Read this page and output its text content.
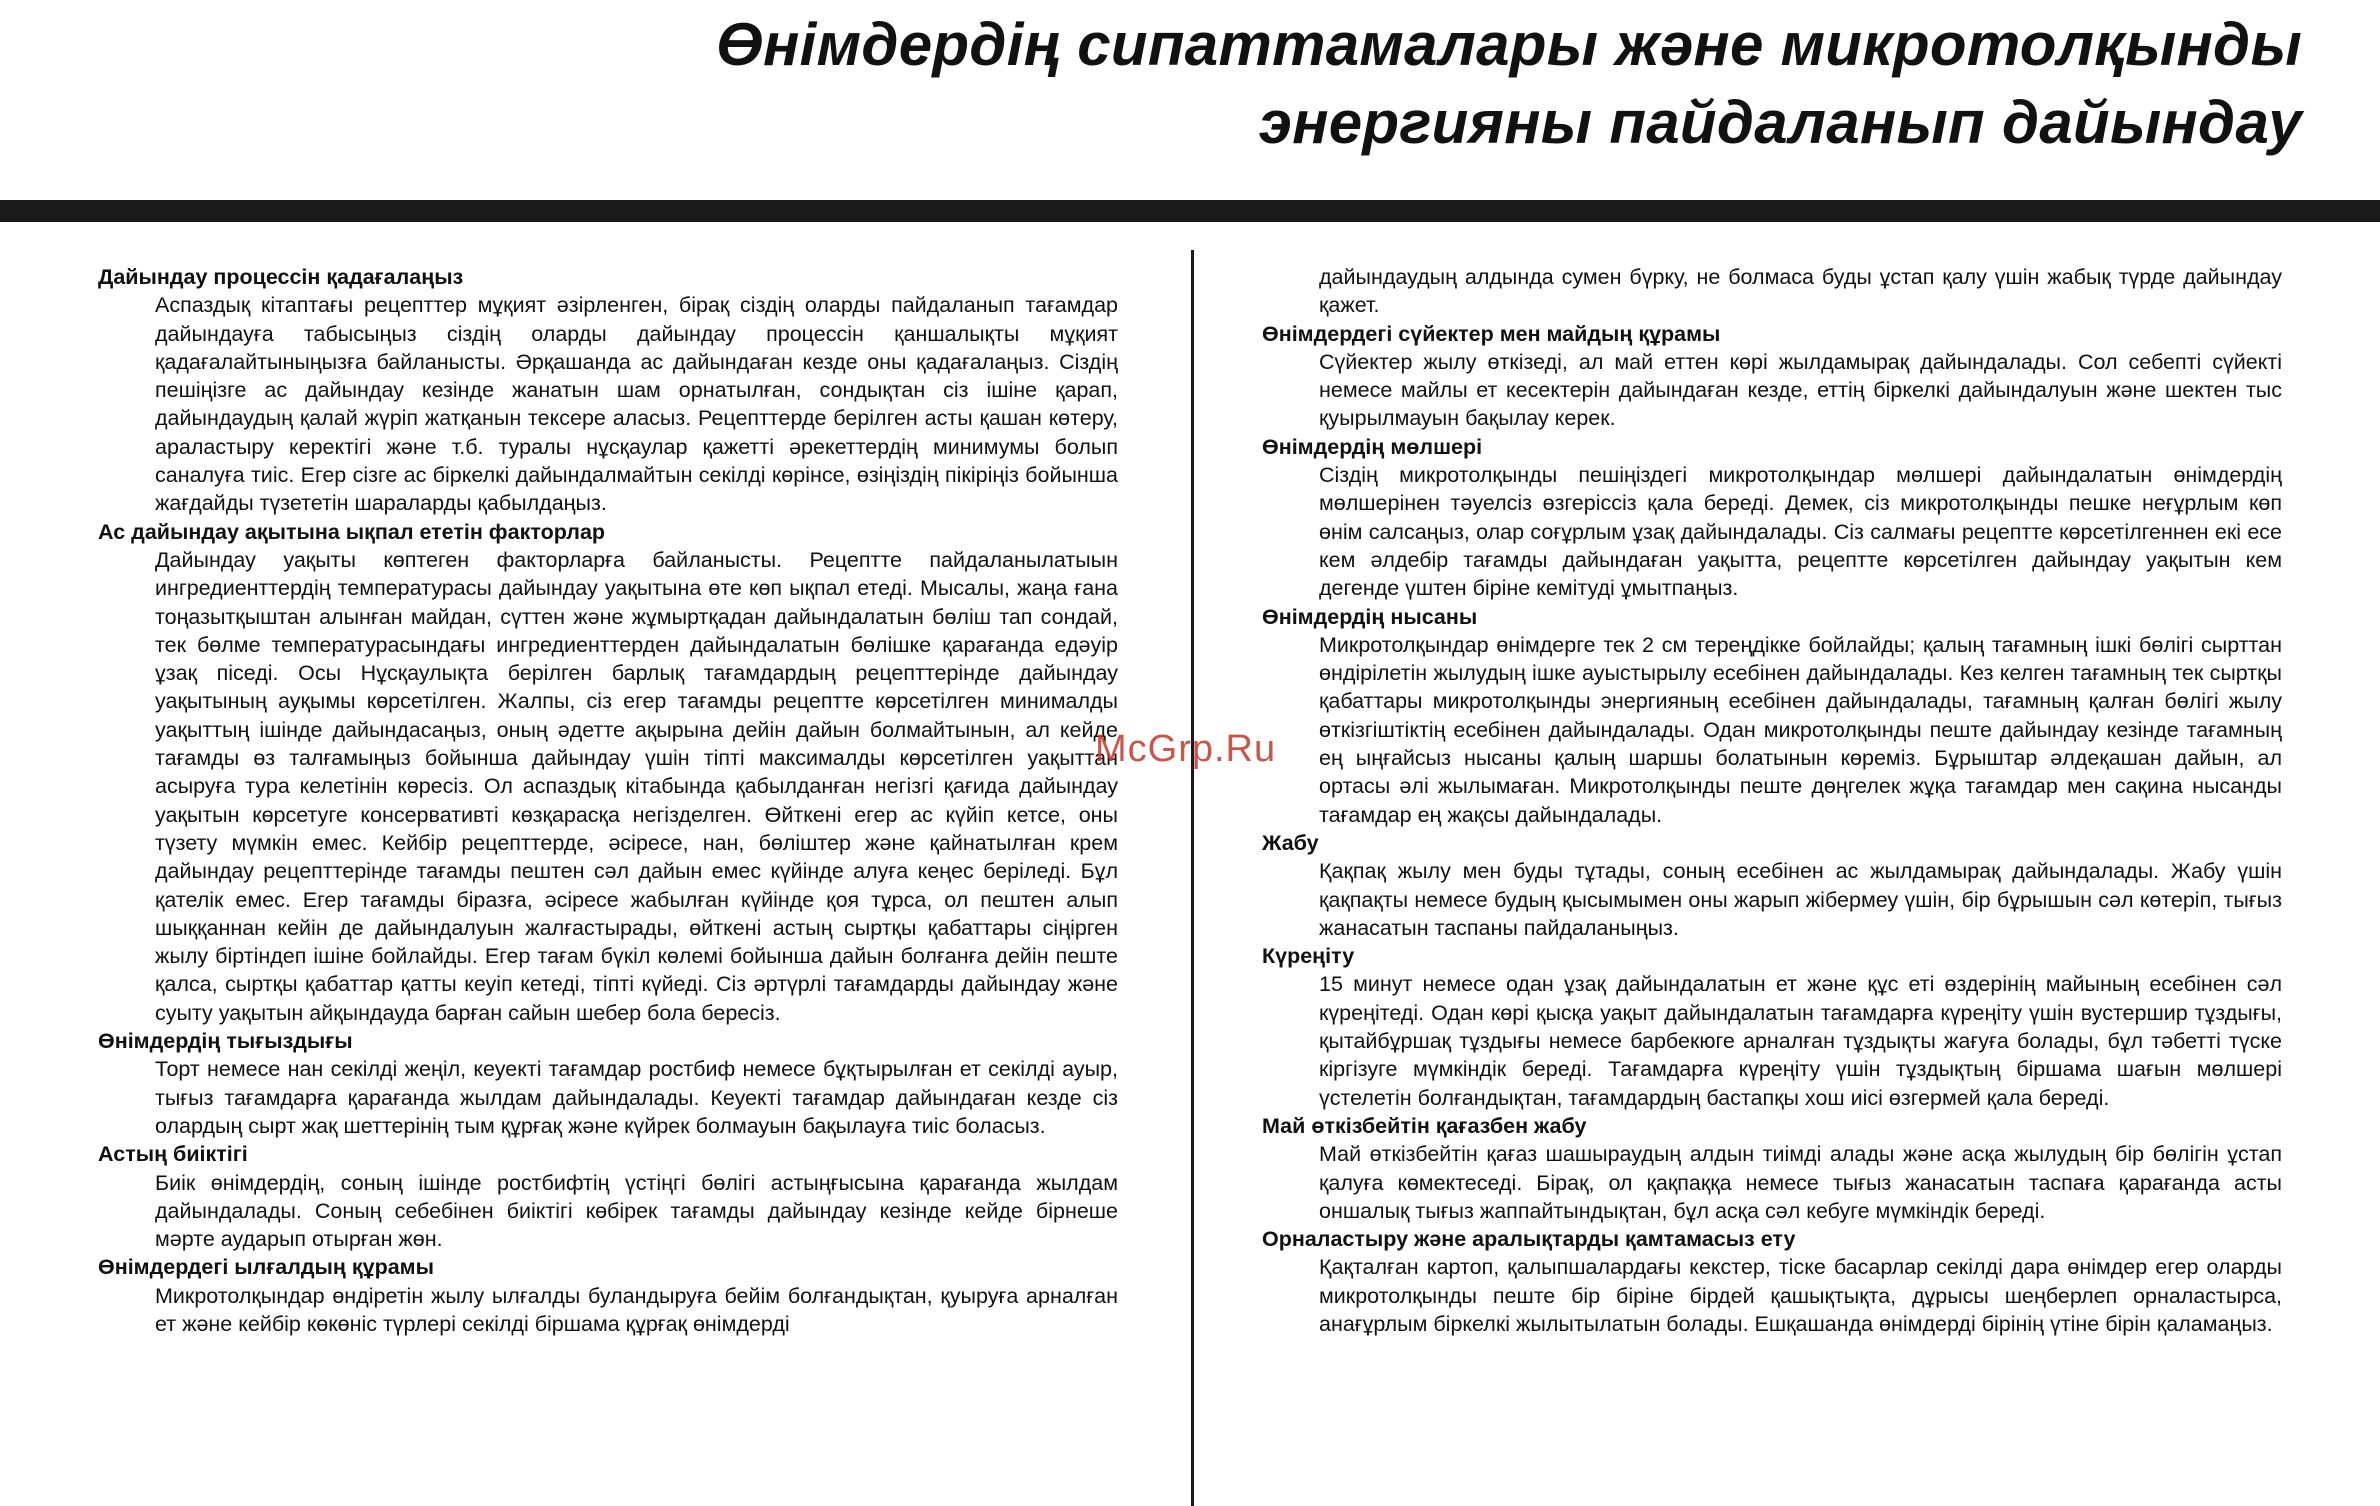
Өнімдердің сипаттамалары және микротолқынды
энергияны пайдаланып дайындау
Дайындау процессін қадағалаңыз
Аспаздық кітаптағы рецепттер мұқият әзірленген, бірақ сіздің оларды пайдаланып тағамдар дайындауға табысыңыз сіздің оларды дайындау процессін қаншалықты мұқият қадағалайтыныңызға байланысты. Әрқашанда ас дайындаған кезде оны қадағалаңыз. Сіздің пешіңізге ас дайындау кезінде жанатын шам орнатылған, сондықтан сіз ішіне қарап, дайындаудың қалай жүріп жатқанын тексере алаcыз. Рецепттерде берілген асты қашан көтеру, араластыру керектігі және т.б. туралы нұсқаулар қажетті әрекеттердің минимумы болып саналуға тиіс. Егер сізге ас біркелкі дайындалмайтын секілді көрінсе, өзіңіздің пікіріңіз бойынша жағдайды түзететін шараларды қабылдаңыз.
Ас дайындау ақытына ықпал ететін факторлар
Дайындау уақыты көптеген факторларға байланысты. Рецептте пайдаланылатыын ингредиенттердің температурасы дайындау уақытына өте көп ықпал етеді. Мысалы, жаңа ғана тоңазытқыштан алынған майдан, сүттен және жұмыртқадан дайындалатын бөліш тап сондай, тек бөлме температурасындағы ингредиенттерден дайындалатын бөлішке қарағанда едәуір ұзақ піседі. Осы Нұсқаулықта берілген барлық тағамдардың рецепттерінде дайындау уақытының ауқымы көрсетілген. Жалпы, сіз егер тағамды рецептте көрсетілген минималды уақыттың ішінде дайындасаңыз, оның әдетте ақырына дейін дайын болмайтынын, ал кейде тағамды өз талғамыңыз бойынша дайындау үшін тіпті максималды көрсетілген уақыттан асыруға тура келетінін көресіз. Ол аспаздық кітабында қабылданған негізгі қағида дайындау уақытын көрсетуге консервативті көзқарасқа негізделген. Өйткені егер ас күйіп кетсе, оны түзету мүмкін емес. Кейбір рецепттерде, әсіресе, нан, бөліштер және қайнатылған крем дайындау рецепттерінде тағамды пештен сәл дайын емес күйінде алуға кеңес беріледі. Бұл қателік емес. Егер тағамды біразға, әсіресе жабылған күйінде қоя тұрса, ол пештен алып шыққаннан кейін де дайындалуын жалғастырады, өйткені астың сыртқы қабаттары сіңірген жылу біртіндеп ішіне бойлайды. Егер тағам бүкіл көлемі бойынша дайын болғанға дейін пеште қалса, сыртқы қабаттар қатты кеуіп кетеді, тіпті күйеді. Сіз әртүрлі тағамдарды дайындау және суыту уақытын айқындауда барған сайын шебер бола бересіз.
Өнімдердің тығыздығы
Торт немесе нан секілді жеңіл, кеуекті тағамдар ростбиф немесе бұқтырылған ет секілді ауыр, тығыз тағамдарға қарағанда жылдам дайындалады. Кеуекті тағамдар дайындаған кезде сіз олардың сырт жақ шеттерінің тым құрғақ және күйрек болмауын бақылауға тиіс боласыз.
Астың биіктігі
Биік өнімдердің, соның ішінде ростбифтің үстіңгі бөлігі астыңғысына қарағанда жылдам дайындалады. Соның себебінен биіктігі көбірек тағамды дайындау кезінде кейде бірнеше мәрте аударып отырған жөн.
Өнімдердегі ылғалдың құрамы
Микротолқындар өндіретін жылу ылғалды буландыруға бейім болғандықтан, қуыруға арналған ет және кейбір көкөніс түрлері секілді біршама құрғақ өнімдерді
дайындаудың алдында сумен бүрку, не болмаса буды ұстап қалу үшін жабық түрде дайындау қажет.
Өнімдердегі сүйектер мен майдың құрамы
Сүйектер жылу өткізеді, ал май еттен көрі жылдамырақ дайындалады. Сол себепті сүйекті немесе майлы ет кесектерін дайындаған кезде, еттің біркелкі дайындалуын және шектен тыс қуырылмауын бақылау керек.
Өнімдердің мөлшері
Сіздің микротолқынды пешіңіздегі микротолқындар мөлшері дайындалатын өнімдердің мөлшерінен тәуелсіз өзгеріссіз қала береді. Демек, сіз микротолқынды пешке неғұрлым көп өнім салсаңыз, олар соғұрлым ұзақ дайындалады. Сіз салмағы рецептте көрсетілгеннен екі есе кем әлдебір тағамды дайындаған уақытта, рецептте көрсетілген дайындау уақытын кем дегенде үштен біріне кемітуді ұмытпаңыз.
Өнімдердің нысаны
Микротолқындар өнімдерге тек 2 см тереңдікке бойлайды; қалың тағамның ішкі бөлігі сырттан өндірілетін жылудың ішке ауыстырылу есебінен дайындалады. Кез келген тағамның тек сыртқы қабаттары микротолқынды энергияның есебінен дайындалады, тағамның қалған бөлігі жылу өткізгіштіктің есебінен дайындалады. Одан микротолқынды пеште дайындау кезінде тағамның ең ыңғайсыз нысаны қалың шаршы болатынын көреміз. Бұрыштар әлдеқашан дайын, ал ортасы әлі жылымаған. Микротолқынды пеште дөңгелек жұқа тағамдар мен сақина нысанды тағамдар ең жақсы дайындалады.
Жабу
Қақпақ жылу мен буды тұтады, соның есебінен ас жылдамырақ дайындалады. Жабу үшін қақпақты немесе будың қысымымен оны жарып жібермеу үшін, бір бұрышын сәл көтеріп, тығыз жанасатын таспаны пайдаланыңыз.
Күреңіту
15 минут немесе одан ұзақ дайындалатын ет және құс еті өздерінің майының есебінен сәл күреңітеді. Одан көрі қысқа уақыт дайындалатын тағамдарға күреңіту үшін вустершир тұздығы, қытайбұршақ тұздығы немесе барбекюге арналған тұздықты жағуға болады, бұл тәбетті түске кіргізуге мүмкіндік береді. Тағамдарға күреңіту үшін тұздықтың біршама шағын мөлшері үстелетін болғандықтан, тағамдардың бастапқы хош иісі өзгермей қала береді.
Май өткізбейтін қағазбен жабу
Май өткізбейтін қағаз шашыраудың алдын тиімді алады және асқа жылудың бір бөлігін ұстап қалуға көмектеседі. Бірақ, ол қақпаққа немесе тығыз жанасатын таспаға қарағанда асты оншалық тығыз жаппайтындықтан, бұл асқа сәл кебуге мүмкіндік береді.
Орналастыру және аралықтарды қамтамасыз ету
Қақталған картоп, қалыпшалардағы кекстер, тіске басарлар секілді дара өнімдер егер оларды микротолқынды пеште бір біріне бірдей қашықтықта, дұрысы шеңберлеп орналастырса, анағұрлым біркелкі жылытылатын болады. Ешқашанда өнімдерді бірінің үтіне бірін қаламаңыз.
McGrp.Ru
